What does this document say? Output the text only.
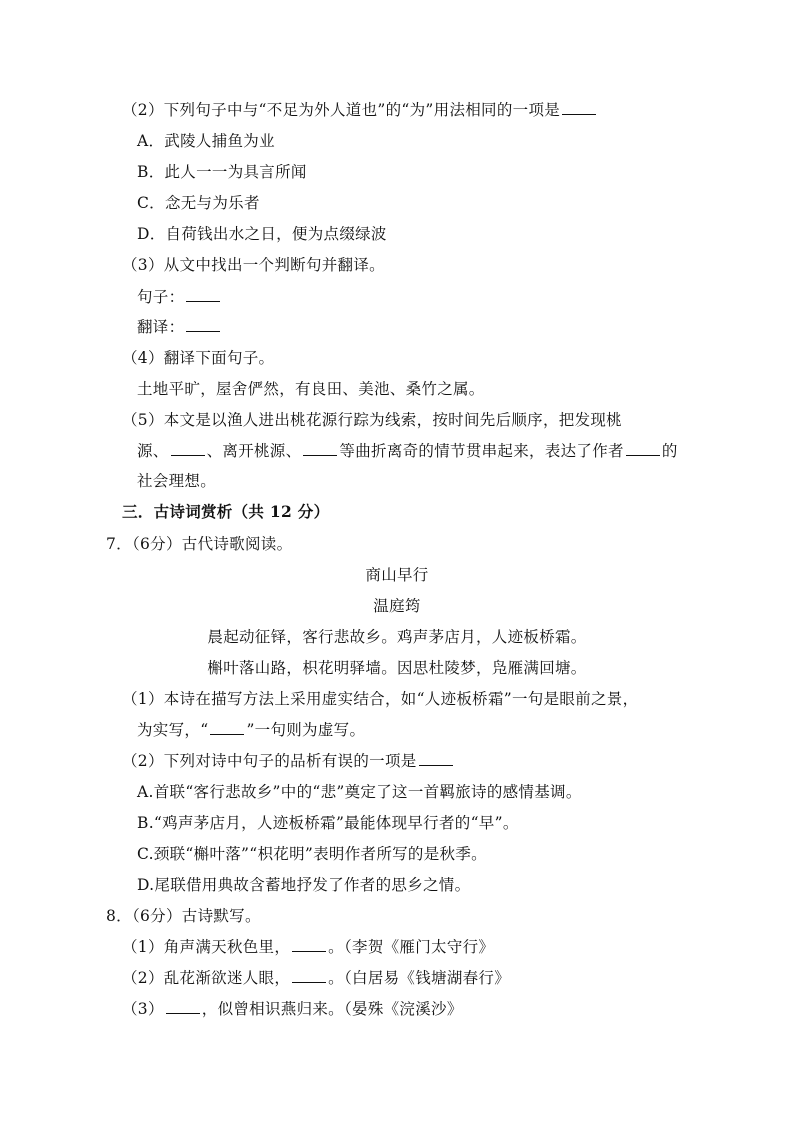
（2）下列句子中与“不足为外人道也”的“为”用法相同的一项是
A．武陵人捕鱼为业
B．此人一一为具言所闻
C．念无与为乐者
D．自荷钱出水之日，便为点缀绿波
（3）从文中找出一个判断句并翻译。
句子：
翻译：
（4）翻译下面句子。
土地平旷，屋舍俨然，有良田、美池、桑竹之属。
（5）本文是以渔人进出桃花源行踪为线索，按时间先后顺序，把发现桃
源、 、离开桃源、 等曲折离奇的情节贯串起来，表达了作者 的
社会理想。
三．古诗词赏析（共 12 分）
7．（6分）古代诗歌阅读。
商山早行
温庭筠
晨起动征铎，客行悲故乡。鸡声茅店月，人迹板桥霜。
槲叶落山路，枳花明驿墙。因思杜陵梦，凫雁满回塘。
（1）本诗在描写方法上采用虚实结合，如“人迹板桥霜”一句是眼前之景，
为实写，“ ”一句则为虚写。
（2）下列对诗中句子的品析有误的一项是
A.首联“客行悲故乡”中的“悲”奠定了这一首羁旅诗的感情基调。
B.“鸡声茅店月，人迹板桥霜”最能体现早行者的“早”。
C.颈联“槲叶落”“枳花明”表明作者所写的是秋季。
D.尾联借用典故含蓄地抒发了作者的思乡之情。
8．（6分）古诗默写。
（1）角声满天秋色里， 。（李贺《雁门太守行》
（2）乱花渐欲迷人眼， 。（白居易《钱塘湖春行》
（3） ，似曾相识燕归来。（晏殊《浣溪沙》
